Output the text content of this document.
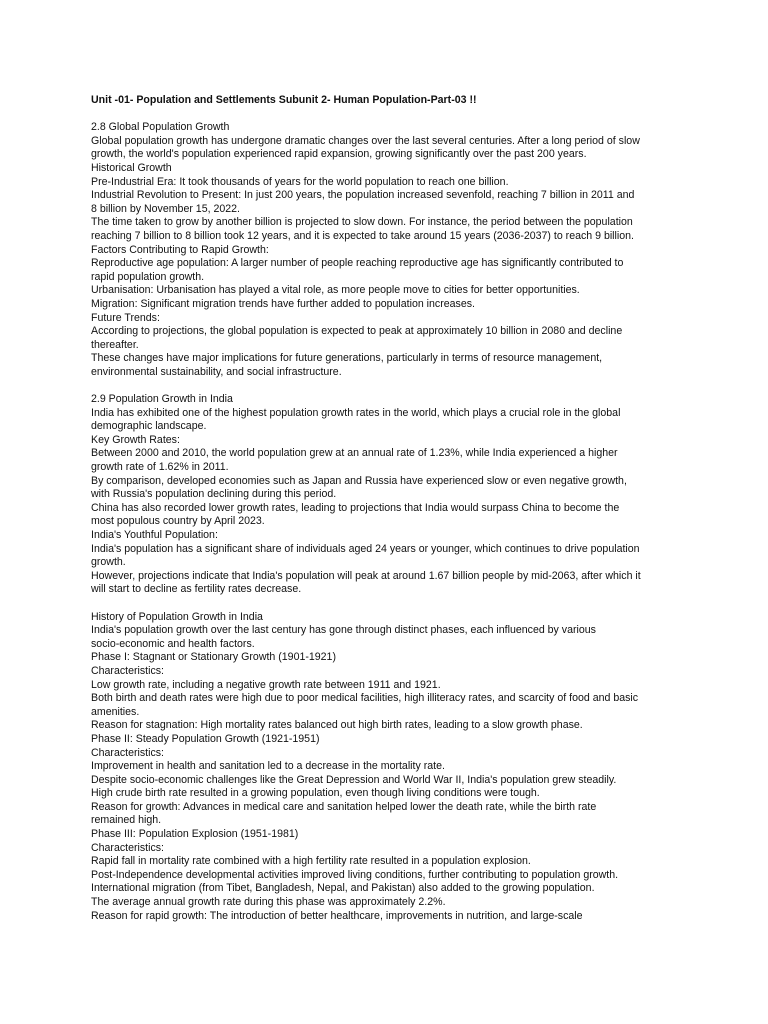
Unit -01- Population and Settlements Subunit 2- Human Population-Part-03 !!
2.8 Global Population Growth
Global population growth has undergone dramatic changes over the last several centuries. After a long period of slow
growth, the world's population experienced rapid expansion, growing significantly over the past 200 years.
Historical Growth
Pre-Industrial Era: It took thousands of years for the world population to reach one billion.
Industrial Revolution to Present: In just 200 years, the population increased sevenfold, reaching 7 billion in 2011 and
8 billion by November 15, 2022.
The time taken to grow by another billion is projected to slow down. For instance, the period between the population
reaching 7 billion to 8 billion took 12 years, and it is expected to take around 15 years (2036-2037) to reach 9 billion.
Factors Contributing to Rapid Growth:
Reproductive age population: A larger number of people reaching reproductive age has significantly contributed to
rapid population growth.
Urbanisation: Urbanisation has played a vital role, as more people move to cities for better opportunities.
Migration: Significant migration trends have further added to population increases.
Future Trends:
According to projections, the global population is expected to peak at approximately 10 billion in 2080 and decline
thereafter.
These changes have major implications for future generations, particularly in terms of resource management,
environmental sustainability, and social infrastructure.
2.9 Population Growth in India
India has exhibited one of the highest population growth rates in the world, which plays a crucial role in the global
demographic landscape.
Key Growth Rates:
Between 2000 and 2010, the world population grew at an annual rate of 1.23%, while India experienced a higher
growth rate of 1.62% in 2011.
By comparison, developed economies such as Japan and Russia have experienced slow or even negative growth,
with Russia's population declining during this period.
China has also recorded lower growth rates, leading to projections that India would surpass China to become the
most populous country by April 2023.
India's Youthful Population:
India's population has a significant share of individuals aged 24 years or younger, which continues to drive population
growth.
However, projections indicate that India's population will peak at around 1.67 billion people by mid-2063, after which it
will start to decline as fertility rates decrease.
History of Population Growth in India
India's population growth over the last century has gone through distinct phases, each influenced by various
socio-economic and health factors.
Phase I: Stagnant or Stationary Growth (1901-1921)
Characteristics:
Low growth rate, including a negative growth rate between 1911 and 1921.
Both birth and death rates were high due to poor medical facilities, high illiteracy rates, and scarcity of food and basic
amenities.
Reason for stagnation: High mortality rates balanced out high birth rates, leading to a slow growth phase.
Phase II: Steady Population Growth (1921-1951)
Characteristics:
Improvement in health and sanitation led to a decrease in the mortality rate.
Despite socio-economic challenges like the Great Depression and World War II, India's population grew steadily.
High crude birth rate resulted in a growing population, even though living conditions were tough.
Reason for growth: Advances in medical care and sanitation helped lower the death rate, while the birth rate
remained high.
Phase III: Population Explosion (1951-1981)
Characteristics:
Rapid fall in mortality rate combined with a high fertility rate resulted in a population explosion.
Post-Independence developmental activities improved living conditions, further contributing to population growth.
International migration (from Tibet, Bangladesh, Nepal, and Pakistan) also added to the growing population.
The average annual growth rate during this phase was approximately 2.2%.
Reason for rapid growth: The introduction of better healthcare, improvements in nutrition, and large-scale
